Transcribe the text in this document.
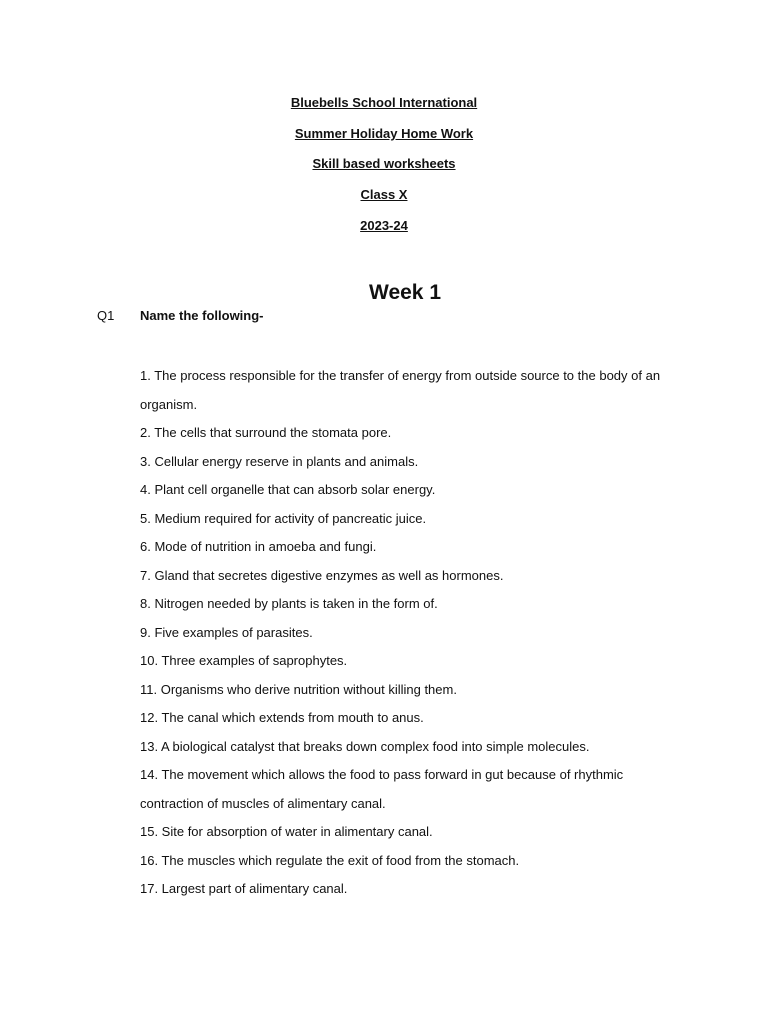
Bluebells School International
Summer Holiday Home Work
Skill based worksheets
Class X
2023-24
Week 1
Q1 Name the following-
1. The process responsible for the transfer of energy from outside source to the body of an organism.
2. The cells that surround the stomata pore.
3. Cellular energy reserve in plants and animals.
4. Plant cell organelle that can absorb solar energy.
5. Medium required for activity of pancreatic juice.
6. Mode of nutrition in amoeba and fungi.
7. Gland that secretes digestive enzymes as well as hormones.
8. Nitrogen needed by plants is taken in the form of.
9. Five examples of parasites.
10. Three examples of saprophytes.
11. Organisms who derive nutrition without killing them.
12. The canal which extends from mouth to anus.
13. A biological catalyst that breaks down complex food into simple molecules.
14. The movement which allows the food to pass forward in gut because of rhythmic contraction of muscles of alimentary canal.
15. Site for absorption of water in alimentary canal.
16. The muscles which regulate the exit of food from the stomach.
17. Largest part of alimentary canal.
